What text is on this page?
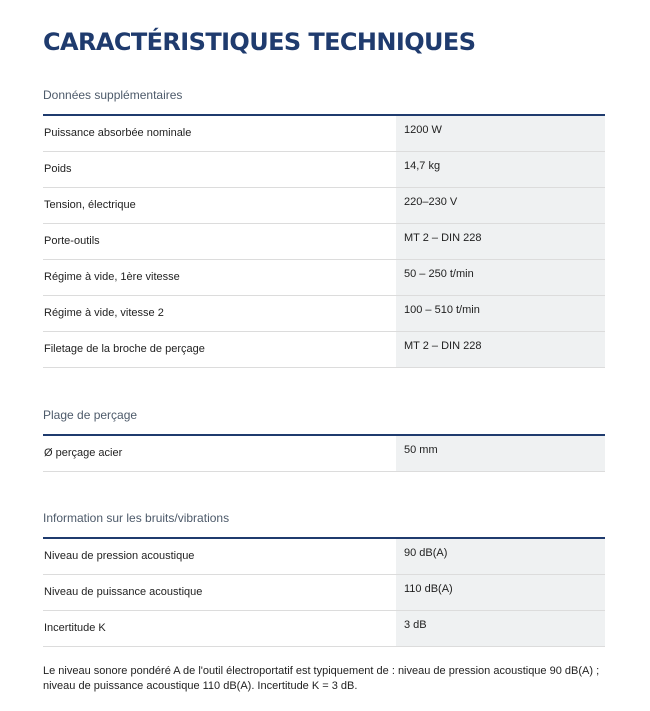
CARACTÉRISTIQUES TECHNIQUES
Données supplémentaires
Puissance absorbée nominale	1200 W
Poids	14,7 kg
Tension, électrique	220–230 V
Porte-outils	MT 2 – DIN 228
Régime à vide, 1ère vitesse	50 – 250 t/min
Régime à vide, vitesse 2	100 – 510 t/min
Filetage de la broche de perçage	MT 2 – DIN 228
Plage de perçage
Ø perçage acier	50 mm
Information sur les bruits/vibrations
Niveau de pression acoustique	90 dB(A)
Niveau de puissance acoustique	110 dB(A)
Incertitude K	3 dB

Le niveau sonore pondéré A de l'outil électroportatif est typiquement de : niveau de pression acoustique 90 dB(A) ; niveau de puissance acoustique 110 dB(A). Incertitude K = 3 dB.
